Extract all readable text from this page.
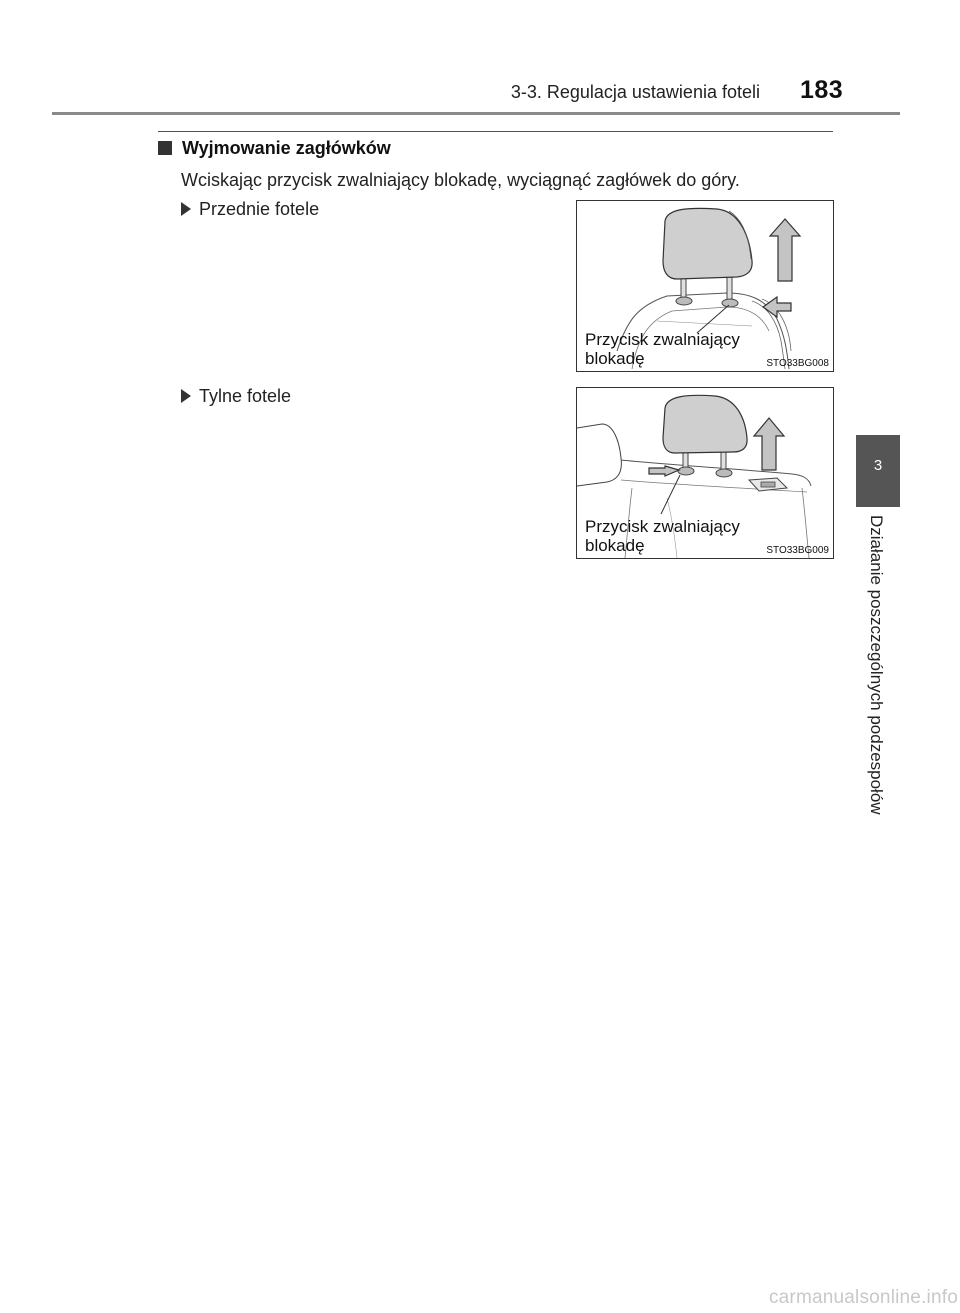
3-3. Regulacja ustawienia foteli 183
3
Działanie poszczególnych podzespołów
Wyjmowanie zagłówków
Wciskając przycisk zwalniający blokadę, wyciągnąć zagłówek do góry.
Przednie fotele
Przycisk zwalniający
blokadę	STO33BG008
Tylne fotele
Przycisk zwalniający
blokadę	STO33BG009
carmanualsonline.info
